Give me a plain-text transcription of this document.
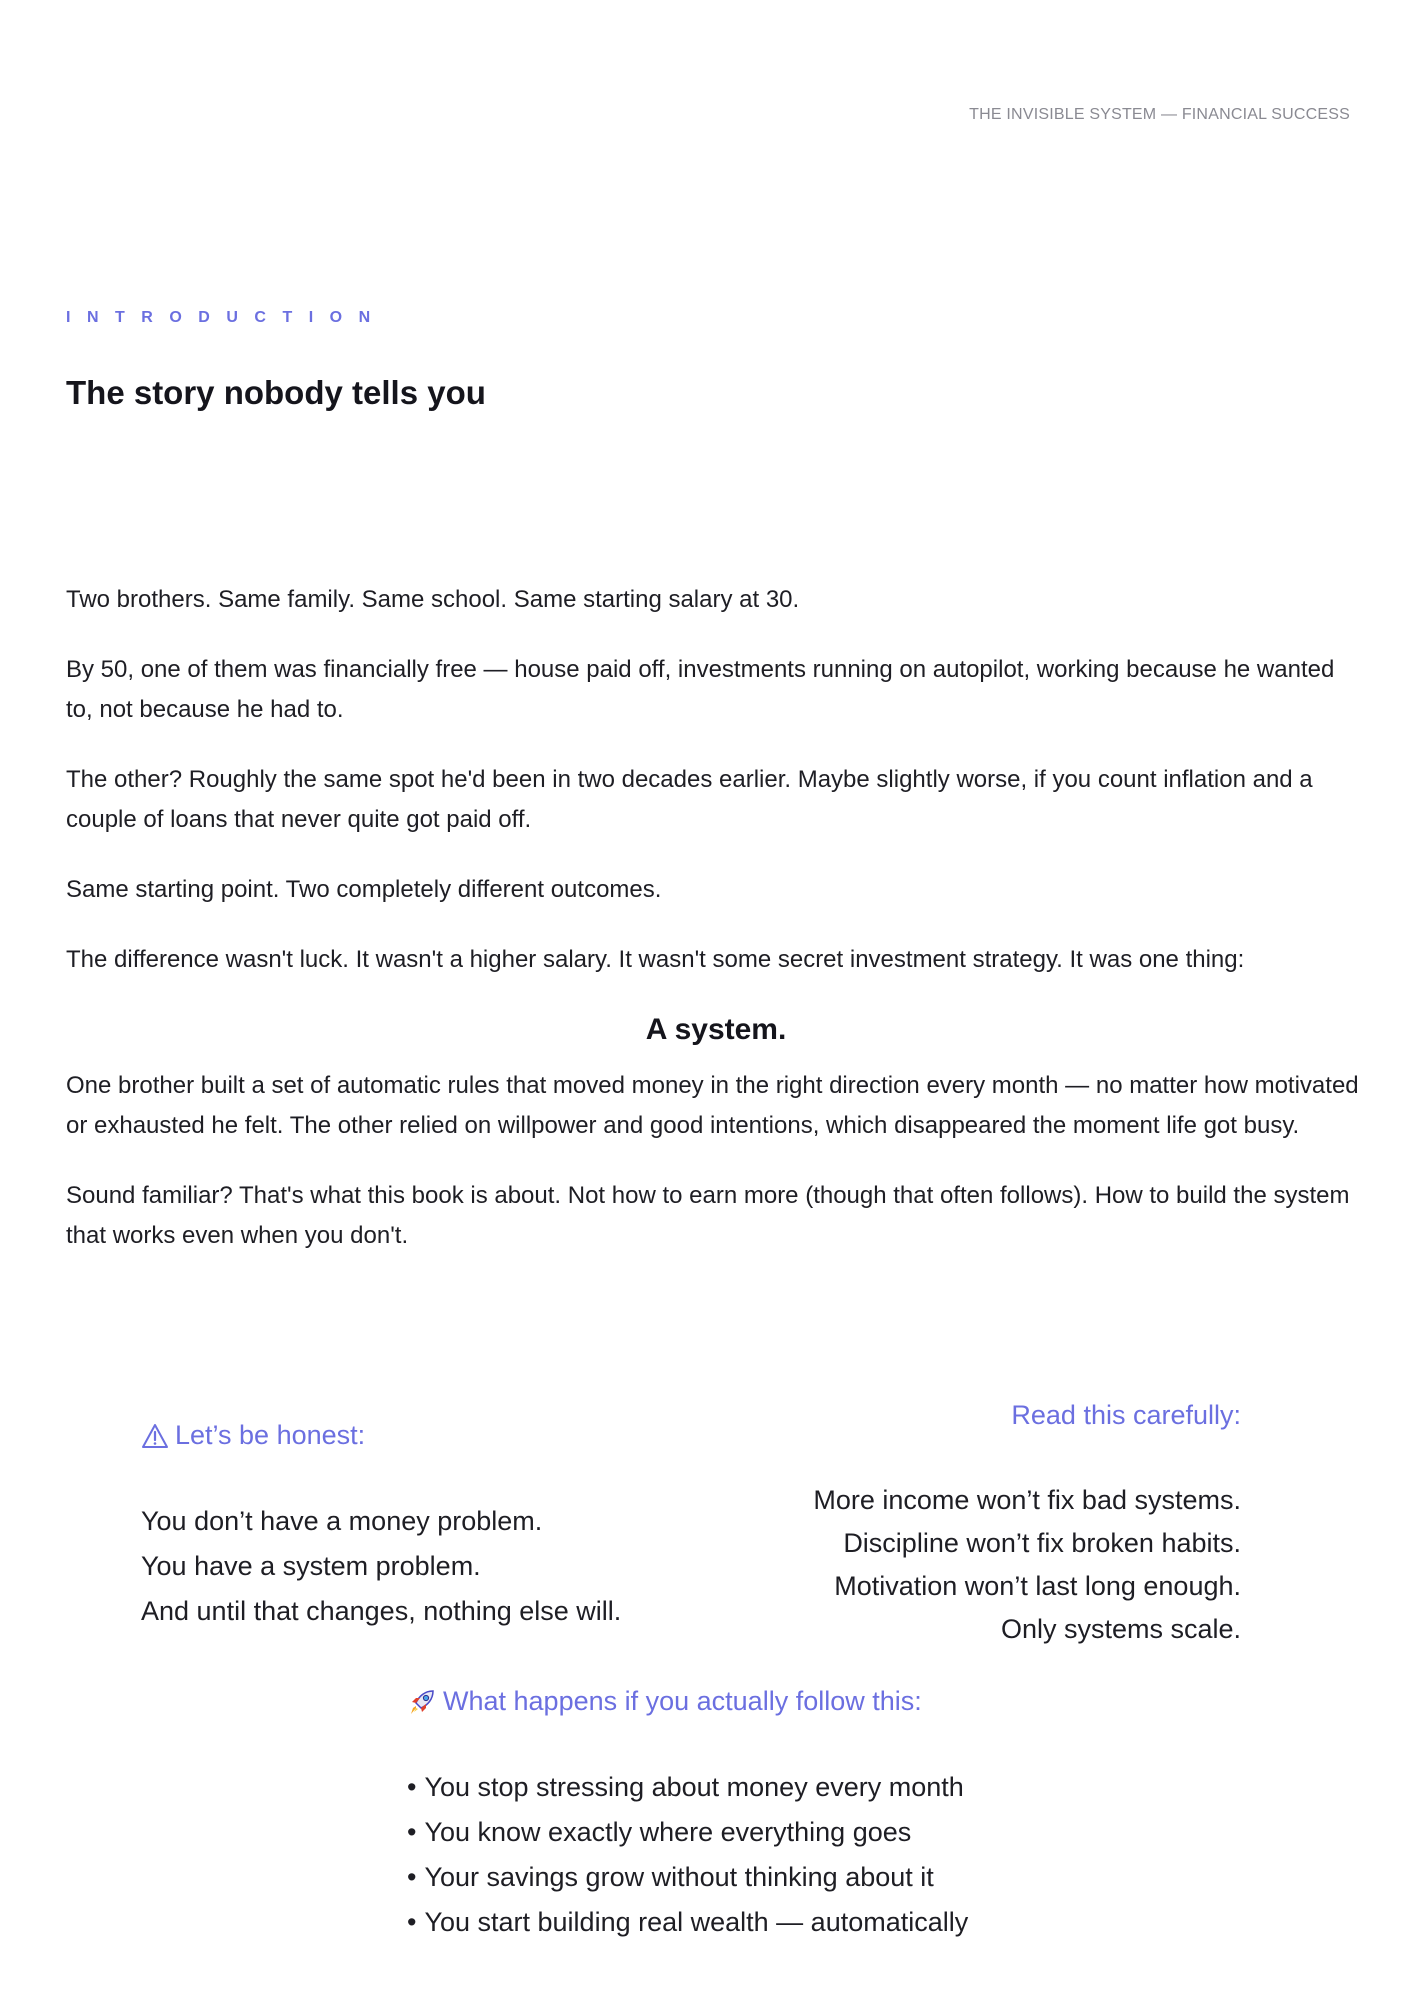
THE INVISIBLE SYSTEM — FINANCIAL SUCCESS
INTRODUCTION
The story nobody tells you

Two brothers. Same family. Same school. Same starting salary at 30.

By 50, one of them was financially free — house paid off, investments running on autopilot, working because he wanted to, not because he had to.

The other? Roughly the same spot he'd been in two decades earlier. Maybe slightly worse, if you count inflation and a couple of loans that never quite got paid off.

Same starting point. Two completely different outcomes.

The difference wasn't luck. It wasn't a higher salary. It wasn't some secret investment strategy. It was one thing:

A system.

One brother built a set of automatic rules that moved money in the right direction every month — no matter how motivated or exhausted he felt. The other relied on willpower and good intentions, which disappeared the moment life got busy.

Sound familiar? That's what this book is about. Not how to earn more (though that often follows). How to build the system that works even when you don't.

Let’s be honest:
You don’t have a money problem.
You have a system problem.
And until that changes, nothing else will.
Read this carefully:
More income won’t fix bad systems.
Discipline won’t fix broken habits.
Motivation won’t last long enough.
Only systems scale.
What happens if you actually follow this:
• You stop stressing about money every month
• You know exactly where everything goes
• Your savings grow without thinking about it
• You start building real wealth — automatically
